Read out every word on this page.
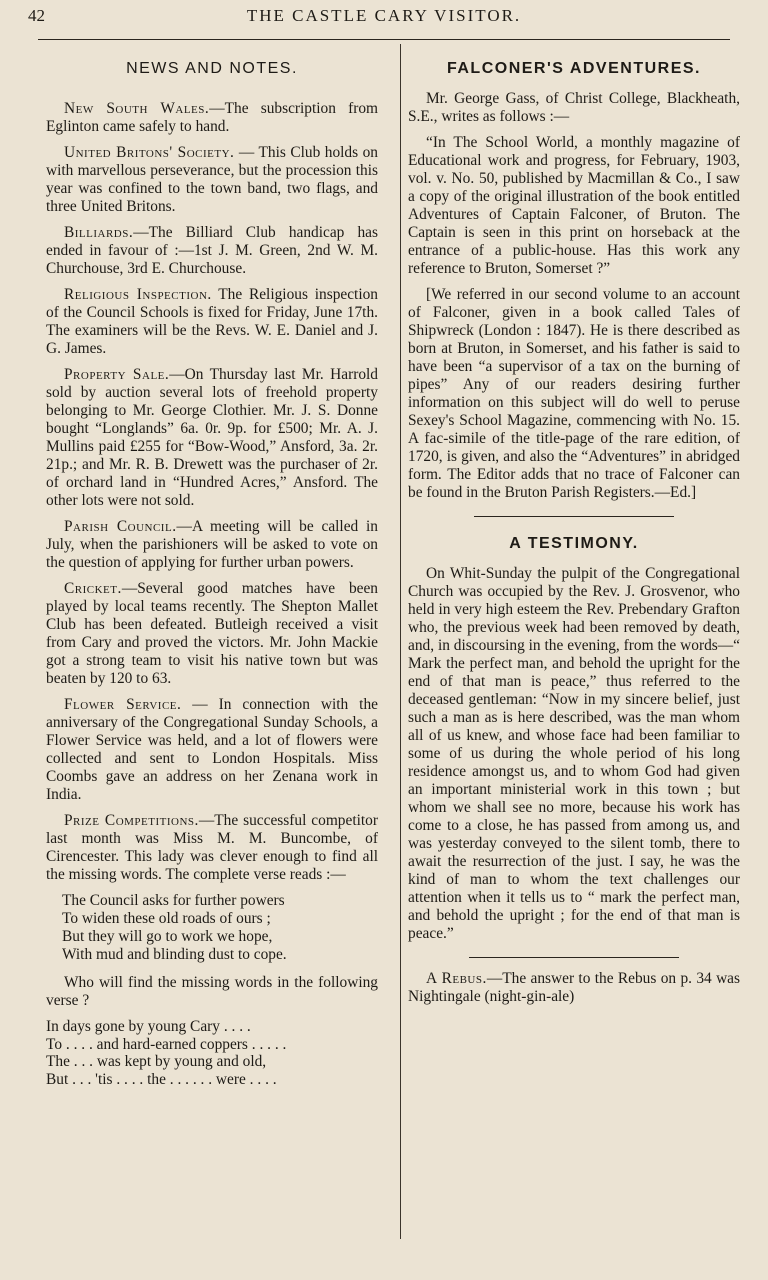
42	THE CASTLE CARY VISITOR.
NEWS AND NOTES.

New South Wales.—The subscription from Eglinton came safely to hand.

United Britons' Society. — This Club holds on with marvellous perseverance, but the procession this year was confined to the town band, two flags, and three United Britons.

Billiards.—The Billiard Club handicap has ended in favour of :—1st J. M. Green, 2nd W. M. Churchouse, 3rd E. Churchouse.

Religious Inspection. The Religious inspection of the Council Schools is fixed for Friday, June 17th. The examiners will be the Revs. W. E. Daniel and J. G. James.

Property Sale.—On Thursday last Mr. Harrold sold by auction several lots of freehold property belonging to Mr. George Clothier. Mr. J. S. Donne bought “Longlands” 6a. 0r. 9p. for £500; Mr. A. J. Mullins paid £255 for “Bow-Wood,” Ansford, 3a. 2r. 21p.; and Mr. R. B. Drewett was the purchaser of 2r. of orchard land in “Hundred Acres,” Ansford. The other lots were not sold.

Parish Council.—A meeting will be called in July, when the parishioners will be asked to vote on the question of applying for further urban powers.

Cricket.—Several good matches have been played by local teams recently. The Shepton Mallet Club has been defeated. Butleigh received a visit from Cary and proved the victors. Mr. John Mackie got a strong team to visit his native town but was beaten by 120 to 63.

Flower Service. — In connection with the anniversary of the Congregational Sunday Schools, a Flower Service was held, and a lot of flowers were collected and sent to London Hospitals. Miss Coombs gave an address on her Zenana work in India.

Prize Competitions.—The successful competitor last month was Miss M. M. Buncombe, of Cirencester. This lady was clever enough to find all the missing words. The complete verse reads :—

The Council asks for further powers
To widen these old roads of ours ;
But they will go to work we hope,
With mud and blinding dust to cope.

Who will find the missing words in the following verse ?

In days gone by young Cary . . . .
To . . . . and hard-earned coppers . . . . .
The . . . was kept by young and old,
But . . . 'tis . . . . the . . . . . . were . . . .
FALCONER'S ADVENTURES.

Mr. George Gass, of Christ College, Blackheath, S.E., writes as follows :—

“In The School World, a monthly magazine of Educational work and progress, for February, 1903, vol. v. No. 50, published by Macmillan & Co., I saw a copy of the original illustration of the book entitled Adventures of Captain Falconer, of Bruton. The Captain is seen in this print on horseback at the entrance of a public-house. Has this work any reference to Bruton, Somerset ?”

[We referred in our second volume to an account of Falconer, given in a book called Tales of Shipwreck (London : 1847). He is there described as born at Bruton, in Somerset, and his father is said to have been “a supervisor of a tax on the burning of pipes” Any of our readers desiring further information on this subject will do well to peruse Sexey's School Magazine, commencing with No. 15. A fac-simile of the title-page of the rare edition, of 1720, is given, and also the “Adventures” in abridged form. The Editor adds that no trace of Falconer can be found in the Bruton Parish Registers.—Ed.]

A TESTIMONY.

On Whit-Sunday the pulpit of the Congregational Church was occupied by the Rev. J. Grosvenor, who held in very high esteem the Rev. Prebendary Grafton who, the previous week had been removed by death, and, in discoursing in the evening, from the words—“ Mark the perfect man, and behold the upright for the end of that man is peace,” thus referred to the deceased gentleman: “Now in my sincere belief, just such a man as is here described, was the man whom all of us knew, and whose face had been familiar to some of us during the whole period of his long residence amongst us, and to whom God had given an important ministerial work in this town ; but whom we shall see no more, because his work has come to a close, he has passed from among us, and was yesterday conveyed to the silent tomb, there to await the resurrection of the just. I say, he was the kind of man to whom the text challenges our attention when it tells us to “ mark the perfect man, and behold the upright ; for the end of that man is peace.”

A Rebus.—The answer to the Rebus on p. 34 was Nightingale (night-gin-ale)
